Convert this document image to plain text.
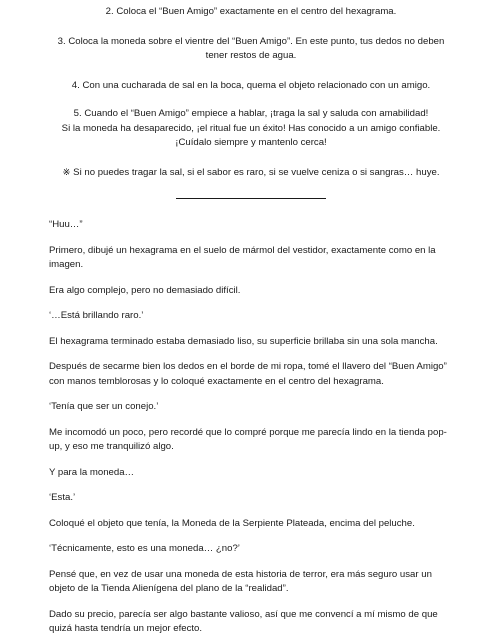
2. Coloca el “Buen Amigo” exactamente en el centro del hexagrama.

3. Coloca la moneda sobre el vientre del “Buen Amigo”. En este punto, tus dedos no deben tener restos de agua.

4. Con una cucharada de sal en la boca, quema el objeto relacionado con un amigo.

5. Cuando el “Buen Amigo” empiece a hablar, ¡traga la sal y saluda con amabilidad!

Si la moneda ha desaparecido, ¡el ritual fue un éxito! Has conocido a un amigo confiable.

¡Cuídalo siempre y mantenlo cerca!

※ Si no puedes tragar la sal, si el sabor es raro, si se vuelve ceniza o si sangras… huye.

“Huu…”

Primero, dibujé un hexagrama en el suelo de mármol del vestidor, exactamente como en la imagen.

Era algo complejo, pero no demasiado difícil.

‘…Está brillando raro.’

El hexagrama terminado estaba demasiado liso, su superficie brillaba sin una sola mancha.

Después de secarme bien los dedos en el borde de mi ropa, tomé el llavero del “Buen Amigo” con manos temblorosas y lo coloqué exactamente en el centro del hexagrama.

‘Tenía que ser un conejo.’

Me incomodó un poco, pero recordé que lo compré porque me parecía lindo en la tienda pop-up, y eso me tranquilizó algo.

Y para la moneda…

‘Esta.’

Coloqué el objeto que tenía, la Moneda de la Serpiente Plateada, encima del peluche.

‘Técnicamente, esto es una moneda… ¿no?’

Pensé que, en vez de usar una moneda de esta historia de terror, era más seguro usar un objeto de la Tienda Alienígena del plano de la “realidad”.

Dado su precio, parecía ser algo bastante valioso, así que me convencí a mí mismo de que quizá hasta tendría un mejor efecto.
